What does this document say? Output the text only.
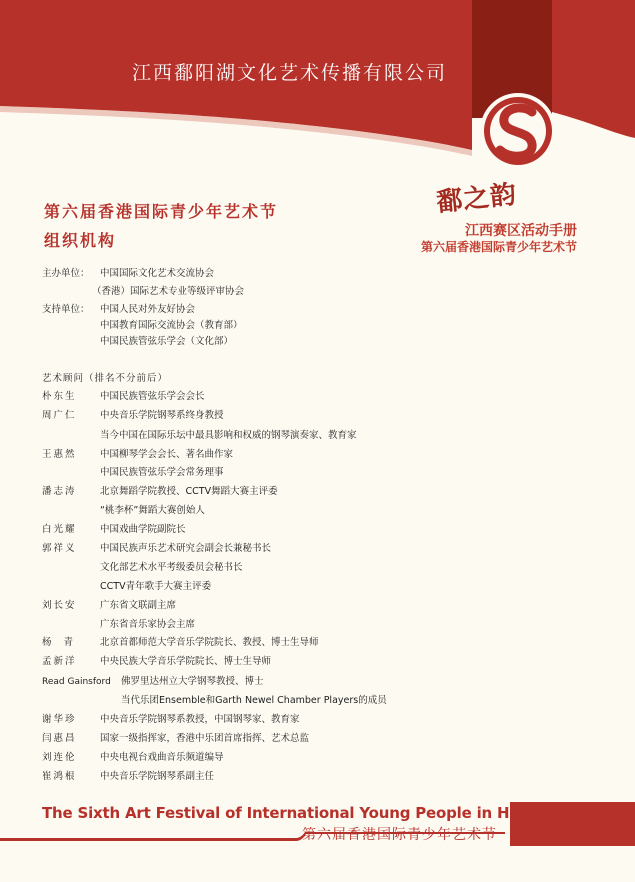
江西鄱阳湖文化艺术传播有限公司
鄱之韵
江西赛区活动手册
第六届香港国际青少年艺术节
第六届香港国际青少年艺术节
组织机构
主办单位： 中国国际文化艺术交流协会
（香港）国际艺术专业等级评审协会
支持单位： 中国人民对外友好协会
中国教育国际交流协会（教育部）
中国民族管弦乐学会（文化部）
艺术顾问（排名不分前后）
朴东生 中国民族管弦乐学会会长
周广仁 中央音乐学院钢琴系终身教授
当今中国在国际乐坛中最具影响和权威的钢琴演奏家、教育家
王惠然 中国柳琴学会会长、著名曲作家
中国民族管弦乐学会常务理事
潘志涛 北京舞蹈学院教授、CCTV舞蹈大赛主评委
“桃李杯”舞蹈大赛创始人
白光耀 中国戏曲学院副院长
郭祥义 中国民族声乐艺术研究会副会长兼秘书长
文化部艺术水平考级委员会秘书长
CCTV青年歌手大赛主评委
刘长安 广东省文联副主席
广东省音乐家协会主席
杨  青	北京首都师范大学音乐学院院长、教授、博士生导师
孟新洋 中央民族大学音乐学院院长、博士生导师
Read Gainsford 佛罗里达州立大学钢琴教授、博士
当代乐团Ensemble和Garth Newel Chamber Players的成员
谢华珍 中央音乐学院钢琴系教授，中国钢琴家、教育家
闫惠昌 国家一级指挥家，香港中乐团首席指挥、艺术总监
刘连伦 中央电视台戏曲音乐频道编导
崔鸿根 中央音乐学院钢琴系副主任
The Sixth Art Festival of International Young People in HongKong Event
第六届香港国际青少年艺术节
